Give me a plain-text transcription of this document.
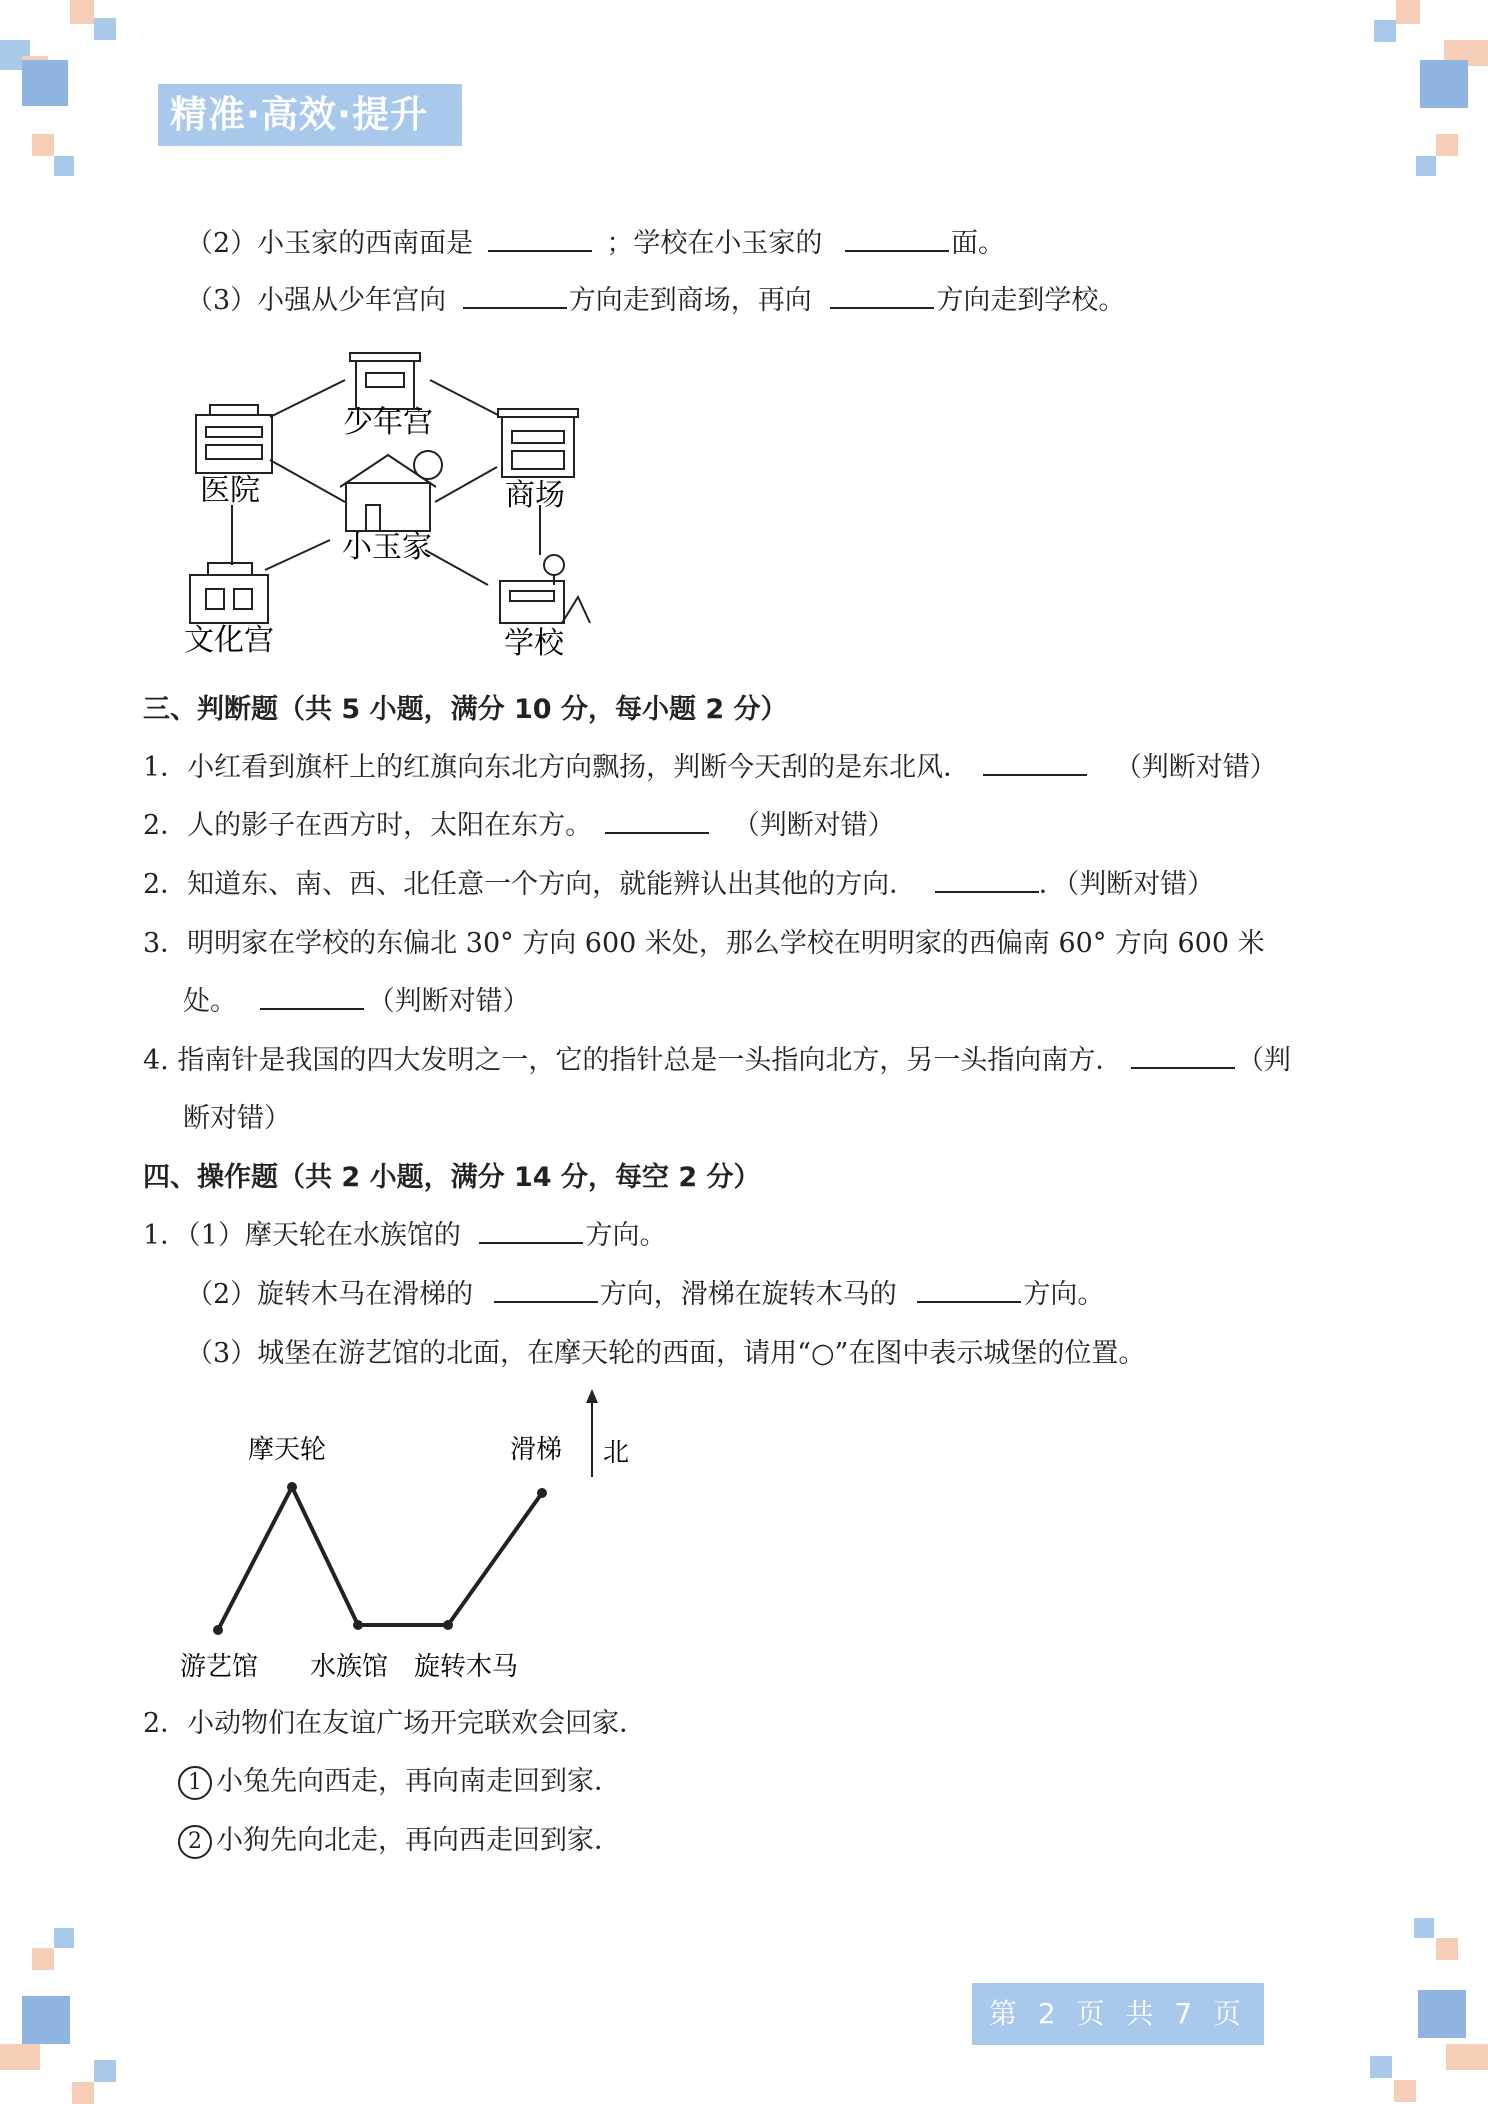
精准·高效·提升
（2）小玉家的西南面是	；学校在小玉家的	面。
（3）小强从少年宫向	方向走到商场，再向	方向走到学校。
少年宫
医院	商场
小玉家
文化宫	学校
三、判断题（共 5 小题，满分 10 分，每小题 2 分）
1．小红看到旗杆上的红旗向东北方向飘扬，判断今天刮的是东北风．	（判断对错）
2．人的影子在西方时，太阳在东方。	（判断对错）
2．知道东、南、西、北任意一个方向，就能辨认出其他的方向．	．（判断对错）
3．明明家在学校的东偏北 30° 方向 600 米处，那么学校在明明家的西偏南 60° 方向 600 米
处。	（判断对错）
4. 指南针是我国的四大发明之一，它的指针总是一头指向北方，另一头指向南方．	（判
断对错）
四、操作题（共 2 小题，满分 14 分，每空 2 分）
1．（1）摩天轮在水族馆的	方向。
（2）旋转木马在滑梯的	方向，滑梯在旋转木马的	方向。
（3）城堡在游艺馆的北面，在摩天轮的西面，请用“○”在图中表示城堡的位置。
摩天轮	滑梯 北
游艺馆 水族馆 旋转木马
2．小动物们在友谊广场开完联欢会回家．
1 小兔先向西走，再向南走回到家．
2 小狗先向北走，再向西走回到家．
第 2 页 共 7 页
